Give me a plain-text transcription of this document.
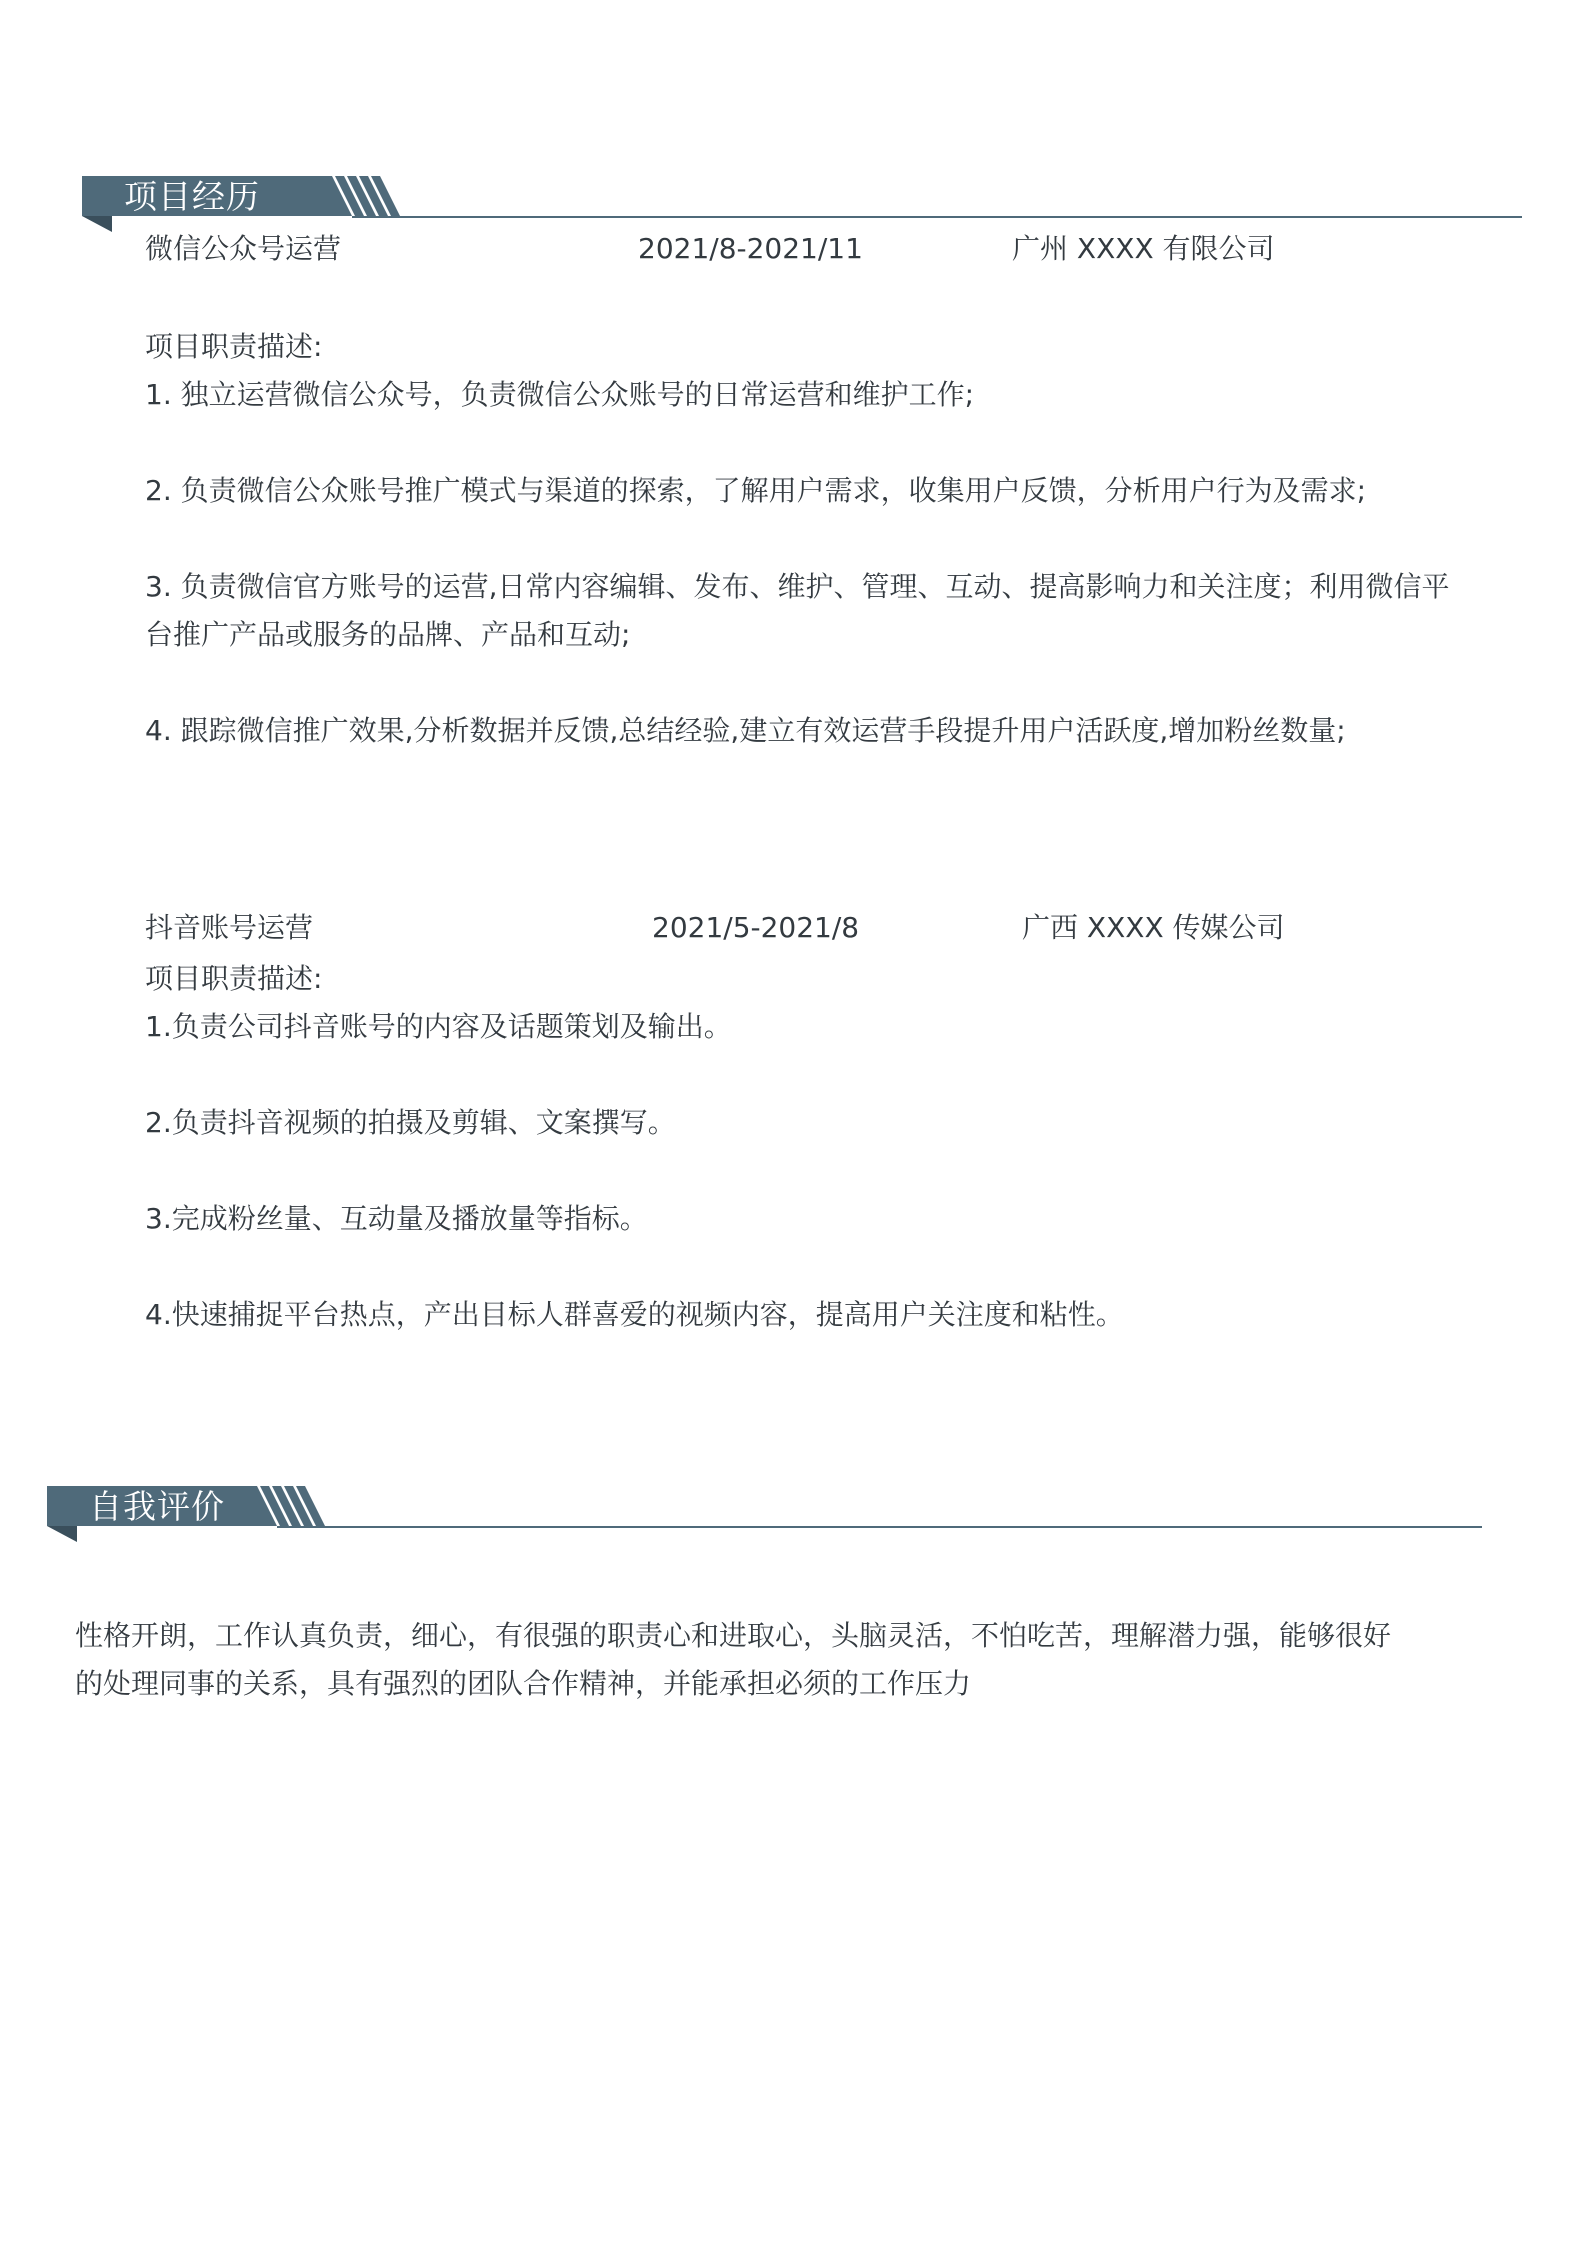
项目经历
微信公众号运营	2021/8-2021/11	广州 XXXX 有限公司

项目职责描述:

1. 独立运营微信公众号，负责微信公众账号的日常运营和维护工作;

2. 负责微信公众账号推广模式与渠道的探索，了解用户需求，收集用户反馈，分析用户行为及需求;

3. 负责微信官方账号的运营,日常内容编辑、发布、维护、管理、互动、提高影响力和关注度；利用微信平

台推广产品或服务的品牌、产品和互动;

4. 跟踪微信推广效果,分析数据并反馈,总结经验,建立有效运营手段提升用户活跃度,增加粉丝数量;

抖音账号运营	2021/5-2021/8	广西 XXXX 传媒公司

项目职责描述:

1.负责公司抖音账号的内容及话题策划及输出。

2.负责抖音视频的拍摄及剪辑、文案撰写。

3.完成粉丝量、互动量及播放量等指标。

4.快速捕捉平台热点，产出目标人群喜爱的视频内容，提高用户关注度和粘性。

自我评价

性格开朗，工作认真负责，细心，有很强的职责心和进取心，头脑灵活，不怕吃苦，理解潜力强，能够很好

的处理同事的关系，具有强烈的团队合作精神，并能承担必须的工作压力
